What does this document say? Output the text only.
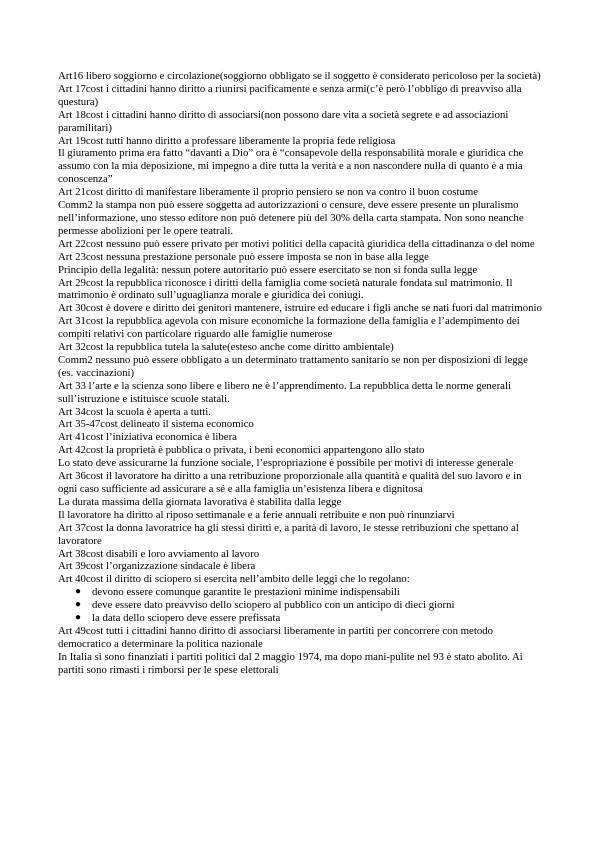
Art16 libero soggiorno e circolazione(soggiorno obbligato se il soggetto è considerato pericoloso per la società)

Art 17cost i cittadini hanno diritto a riunirsi pacificamente e senza armi(c’è però l’obbligo di preavviso alla questura)

Art 18cost i cittadini hanno diritto di associarsi(non possono dare vita a società segrete e ad associazioni paramilitari)

Art 19cost tutti hanno diritto a professare liberamente la propria fede religiosa

Il giuramento prima era fatto “davanti a Dio” ora è “consapevole della responsabilità morale e giuridica che assumo con la mia deposizione, mi impegno a dire tutta la verità e a non nascondere nulla di quanto è a mia conoscenza”

Art 21cost diritto di manifestare liberamente il proprio pensiero se non va contro il buon costume

Comm2 la stampa non può essere soggetta ad autorizzazioni o censure, deve essere presente un pluralismo nell’informazione, uno stesso editore non può detenere più del 30% della carta stampata. Non sono neanche permesse abolizioni per le opere teatrali.

Art 22cost nessuno può essere privato per motivi politici della capacità giuridica della cittadinanza o del nome

Art 23cost nessuna prestazione personale può essere imposta se non in base alla legge

Principio della legalità: nessun potere autoritario può essere esercitato se non si fonda sulla legge

Art 29cost la repubblica riconosce i diritti della famiglia come società naturale fondata sul matrimonio. Il matrimonio è ordinato sull’uguaglianza morale e giuridica dei coniugi.

Art 30cost è dovere e diritto dei genitori mantenere, istruire ed educare i figli anche se nati fuori dal matrimonio

Art 31cost la repubblica agevola con misure economiche la formazione della famiglia e l’adempimento dei compiti relativi con particolare riguardo alle famiglie numerose

Art 32cost la repubblica tutela la salute(esteso anche come diritto ambientale)

Comm2 nessuno può essere obbligato a un determinato trattamento sanitario se non per disposizioni di legge (es. vaccinazioni)

Art 33 l’arte e la scienza sono libere e libero ne è l’apprendimento. La repubblica detta le norme generali sull’istruzione e istituisce scuole statali.

Art 34cost la scuola è aperta a tutti.

Art 35-47cost delineato il sistema economico

Art 41cost l’iniziativa economica è libera

Art 42cost la proprietà è pubblica o privata, i beni economici appartengono allo stato

Lo stato deve assicurarne la funzione sociale, l’espropriazione è possibile per motivi di interesse generale

Art 36cost il lavoratore ha diritto a una retribuzione proporzionale alla quantità e qualità del suo lavoro e in ogni caso sufficiente ad assicurare a sé e alla famiglia un’esistenza libera e dignitosa

La durata massima della giornata lavorativa è stabilita dalla legge

Il lavoratore ha diritto al riposo settimanale e a ferie annuali retribuite e non può rinunziarvi

Art 37cost la donna lavoratrice ha gli stessi diritti e, a parità di lavoro, le stesse retribuzioni che spettano al lavoratore

Art 38cost disabili e loro avviamento al lavoro

Art 39cost l’organizzazione sindacale è libera

Art 40cost il diritto di sciopero si esercita nell’ambito delle leggi che lo regolano:

● devono essere comunque garantite le prestazioni minime indispensabili
● deve essere dato preavviso dello sciopero al pubblico con un anticipo di dieci giorni
● la data dello sciopero deve essere prefissata

Art 49cost tutti i cittadini hanno diritto di associarsi liberamente in partiti per concorrere con metodo democratico a determinare la politica nazionale

In Italia si sono finanziati i partiti politici dal 2 maggio 1974, ma dopo mani-pulite nel 93 è stato abolito. Ai partiti sono rimasti i rimborsi per le spese elettorali
